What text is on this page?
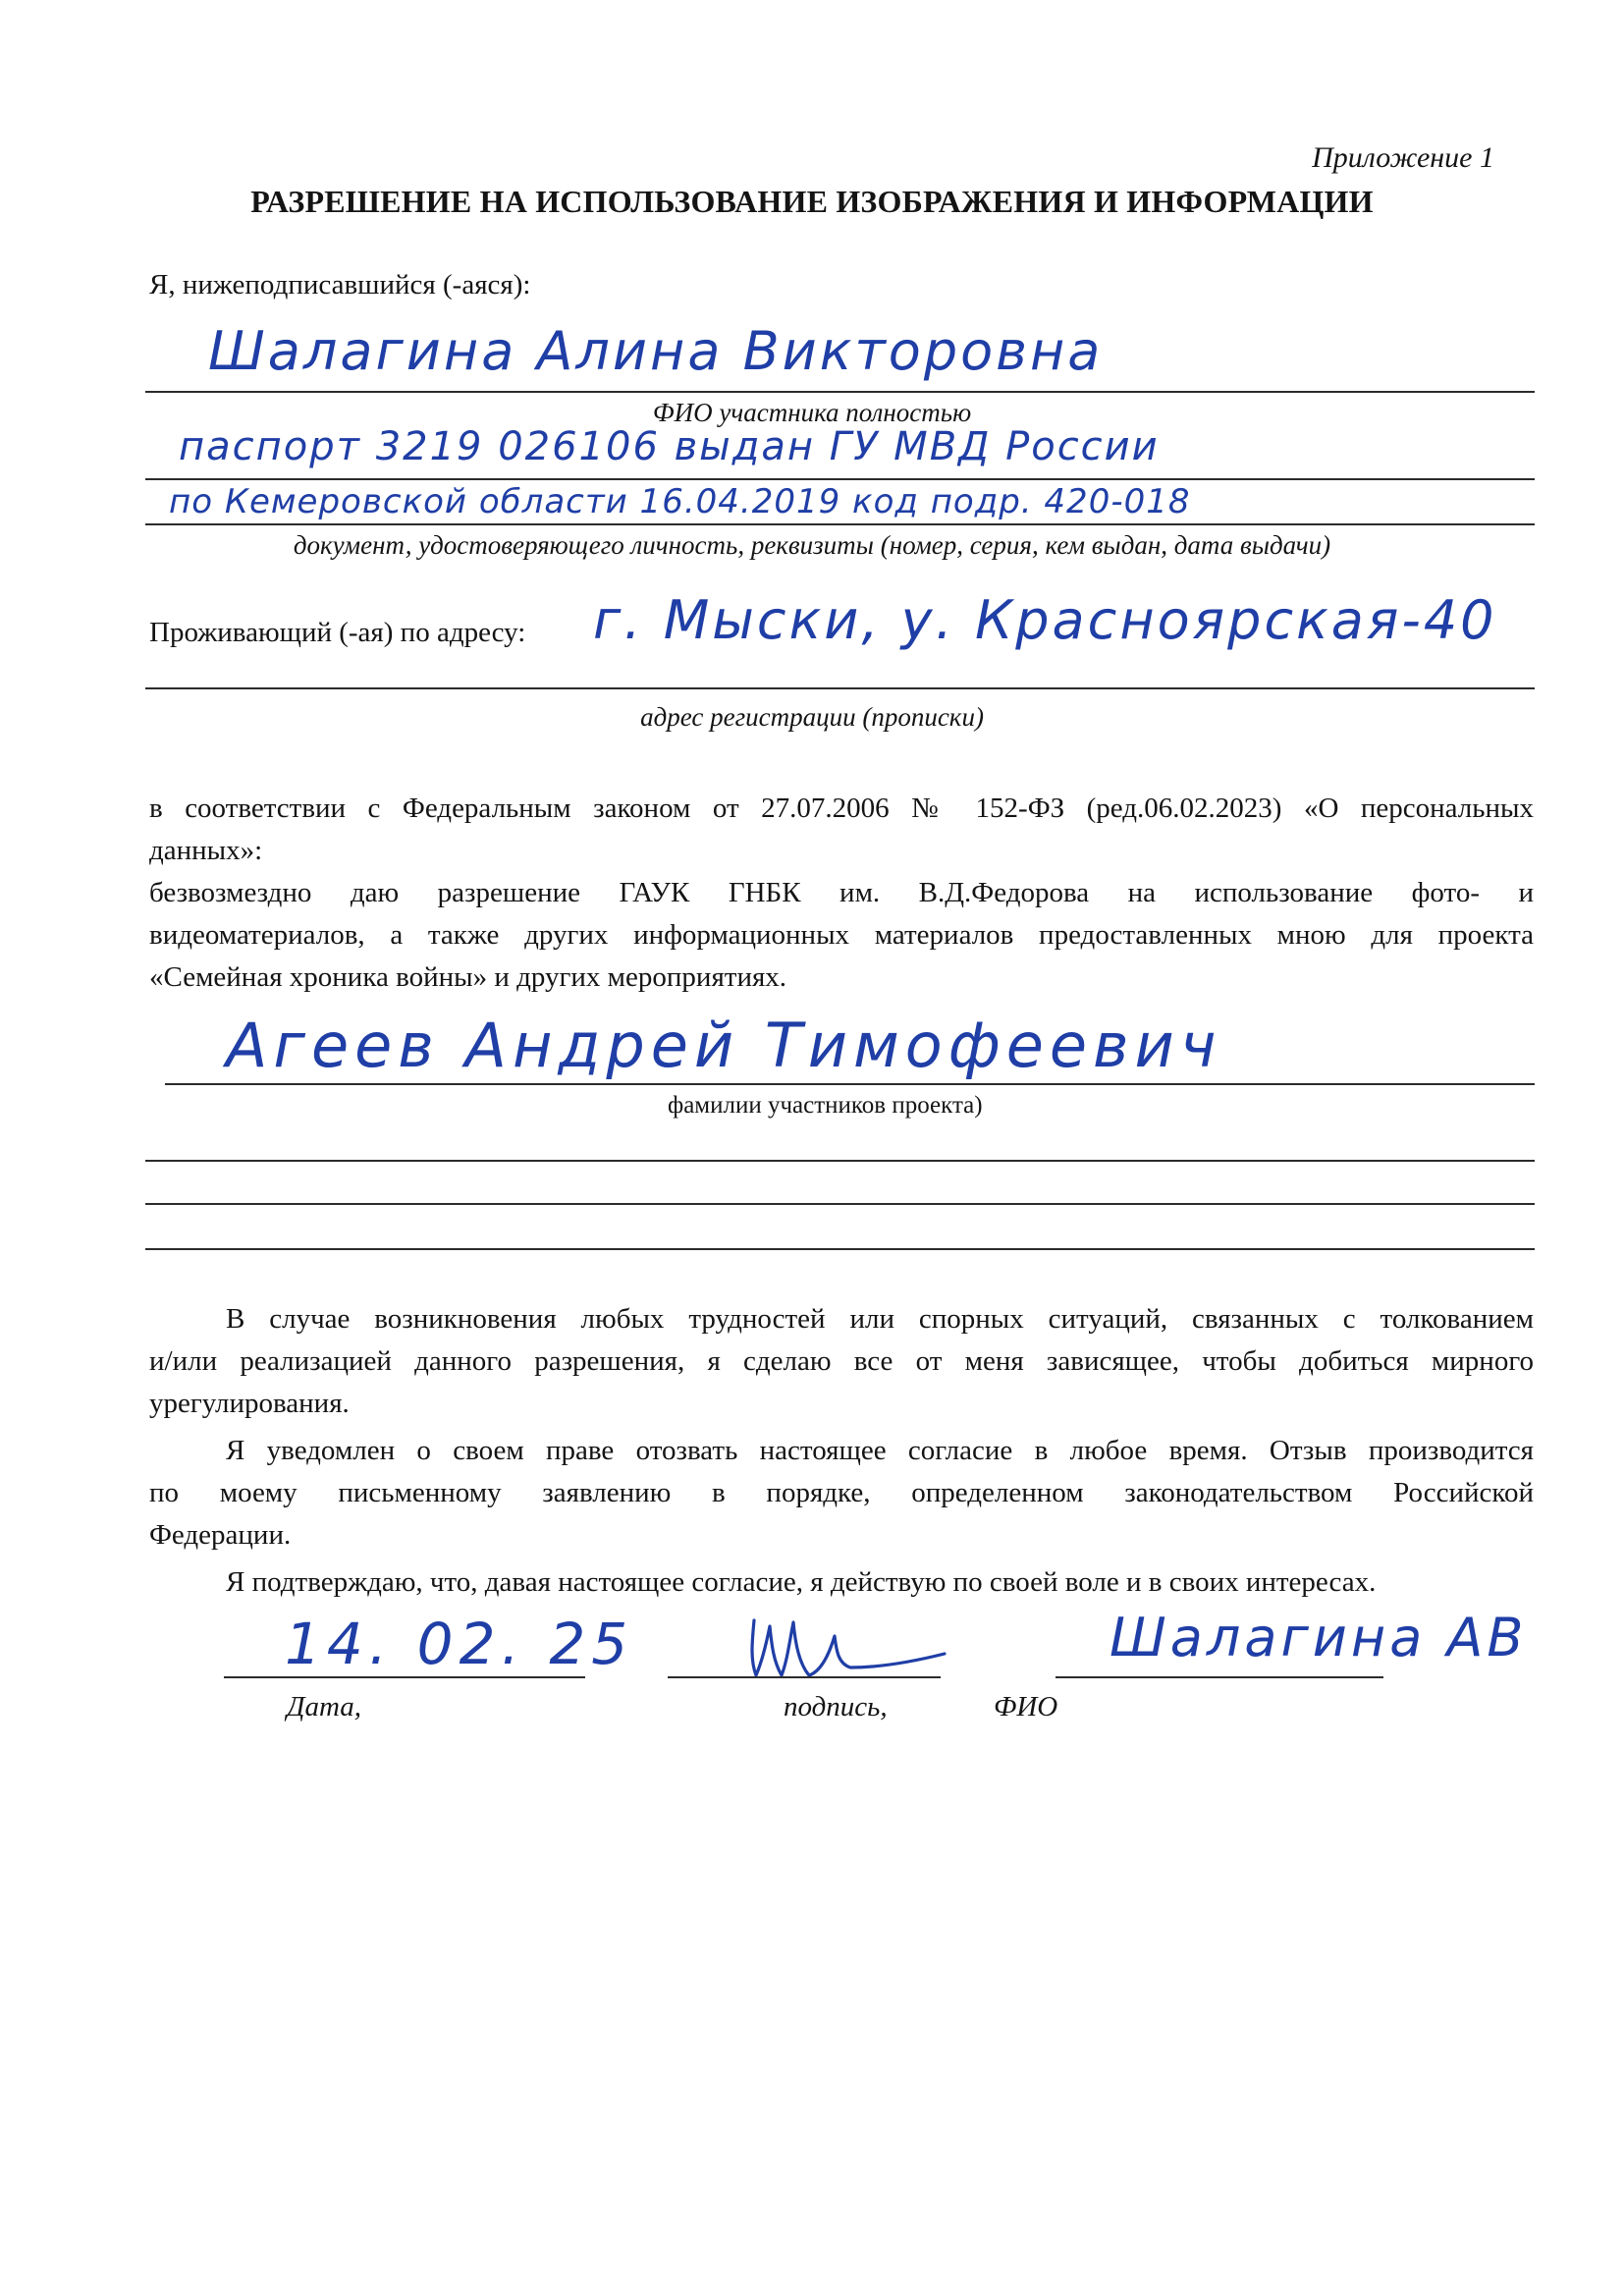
Приложение 1
РАЗРЕШЕНИЕ НА ИСПОЛЬЗОВАНИЕ ИЗОБРАЖЕНИЯ И ИНФОРМАЦИИ
Я, нижеподписавшийся (-аяся):
Шалагина Алина Викторовна
ФИО участника полностью
паспорт 3219 026106 выдан ГУ МВД России
по Кемеровской области 16.04.2019 код подр. 420-018
документ, удостоверяющего личность, реквизиты (номер, серия, кем выдан, дата выдачи)
Проживающий (-ая) по адресу: г. Мыски, у. Красноярская-40
адрес регистрации (прописки)
в соответствии с Федеральным законом от 27.07.2006 № 152-ФЗ (ред.06.02.2023) «О персональных
данных»:
безвозмездно даю разрешение ГАУК ГНБК им. В.Д.Федорова на использование фото- и
видеоматериалов, а также других информационных материалов предоставленных мною для проекта
«Семейная хроника войны» и других мероприятиях.
Агеев Андрей Тимофеевич
фамилии участников проекта)
В случае возникновения любых трудностей или спорных ситуаций, связанных с толкованием
и/или реализацией данного разрешения, я сделаю все от меня зависящее, чтобы добиться мирного
урегулирования.
Я уведомлен о своем праве отозвать настоящее согласие в любое время. Отзыв производится
по моему письменному заявлению в порядке, определенном законодательством Российской
Федерации.
Я подтверждаю, что, давая настоящее согласие, я действую по своей воле и в своих интересах.
14. 02. 25
Дата,	подпись,	ФИО
Шалагина АВ
